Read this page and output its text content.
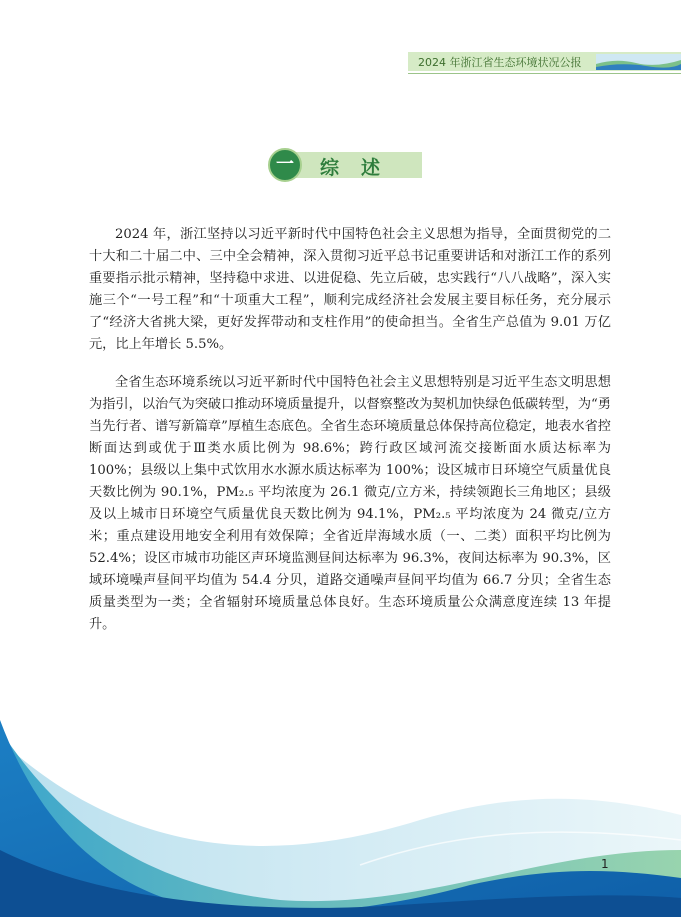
2024 年浙江省生态环境状况公报
一	综述

2024 年，浙江坚持以习近平新时代中国特色社会主义思想为指导，全面贯彻党的二十大和二十届二中、三中全会精神，深入贯彻习近平总书记重要讲话和对浙江工作的系列重要指示批示精神，坚持稳中求进、以进促稳、先立后破，忠实践行“八八战略”，深入实施三个“一号工程”和“十项重大工程”，顺利完成经济社会发展主要目标任务，充分展示了“经济大省挑大梁，更好发挥带动和支柱作用”的使命担当。全省生产总值为 9.01 万亿元，比上年增长 5.5%。

全省生态环境系统以习近平新时代中国特色社会主义思想特别是习近平生态文明思想为指引，以治气为突破口推动环境质量提升，以督察整改为契机加快绿色低碳转型，为“勇当先行者、谱写新篇章”厚植生态底色。全省生态环境质量总体保持高位稳定，地表水省控断面达到或优于Ⅲ类水质比例为 98.6%；跨行政区域河流交接断面水质达标率为 100%；县级以上集中式饮用水水源水质达标率为 100%；设区城市日环境空气质量优良天数比例为 90.1%，PM₂.₅ 平均浓度为 26.1 微克/立方米，持续领跑长三角地区；县级及以上城市日环境空气质量优良天数比例为 94.1%，PM₂.₅ 平均浓度为 24 微克/立方米；重点建设用地安全利用有效保障；全省近岸海域水质（一、二类）面积平均比例为 52.4%；设区市城市功能区声环境监测昼间达标率为 96.3%，夜间达标率为 90.3%，区域环境噪声昼间平均值为 54.4 分贝，道路交通噪声昼间平均值为 66.7 分贝；全省生态质量类型为一类；全省辐射环境质量总体良好。生态环境质量公众满意度连续 13 年提升。

1
